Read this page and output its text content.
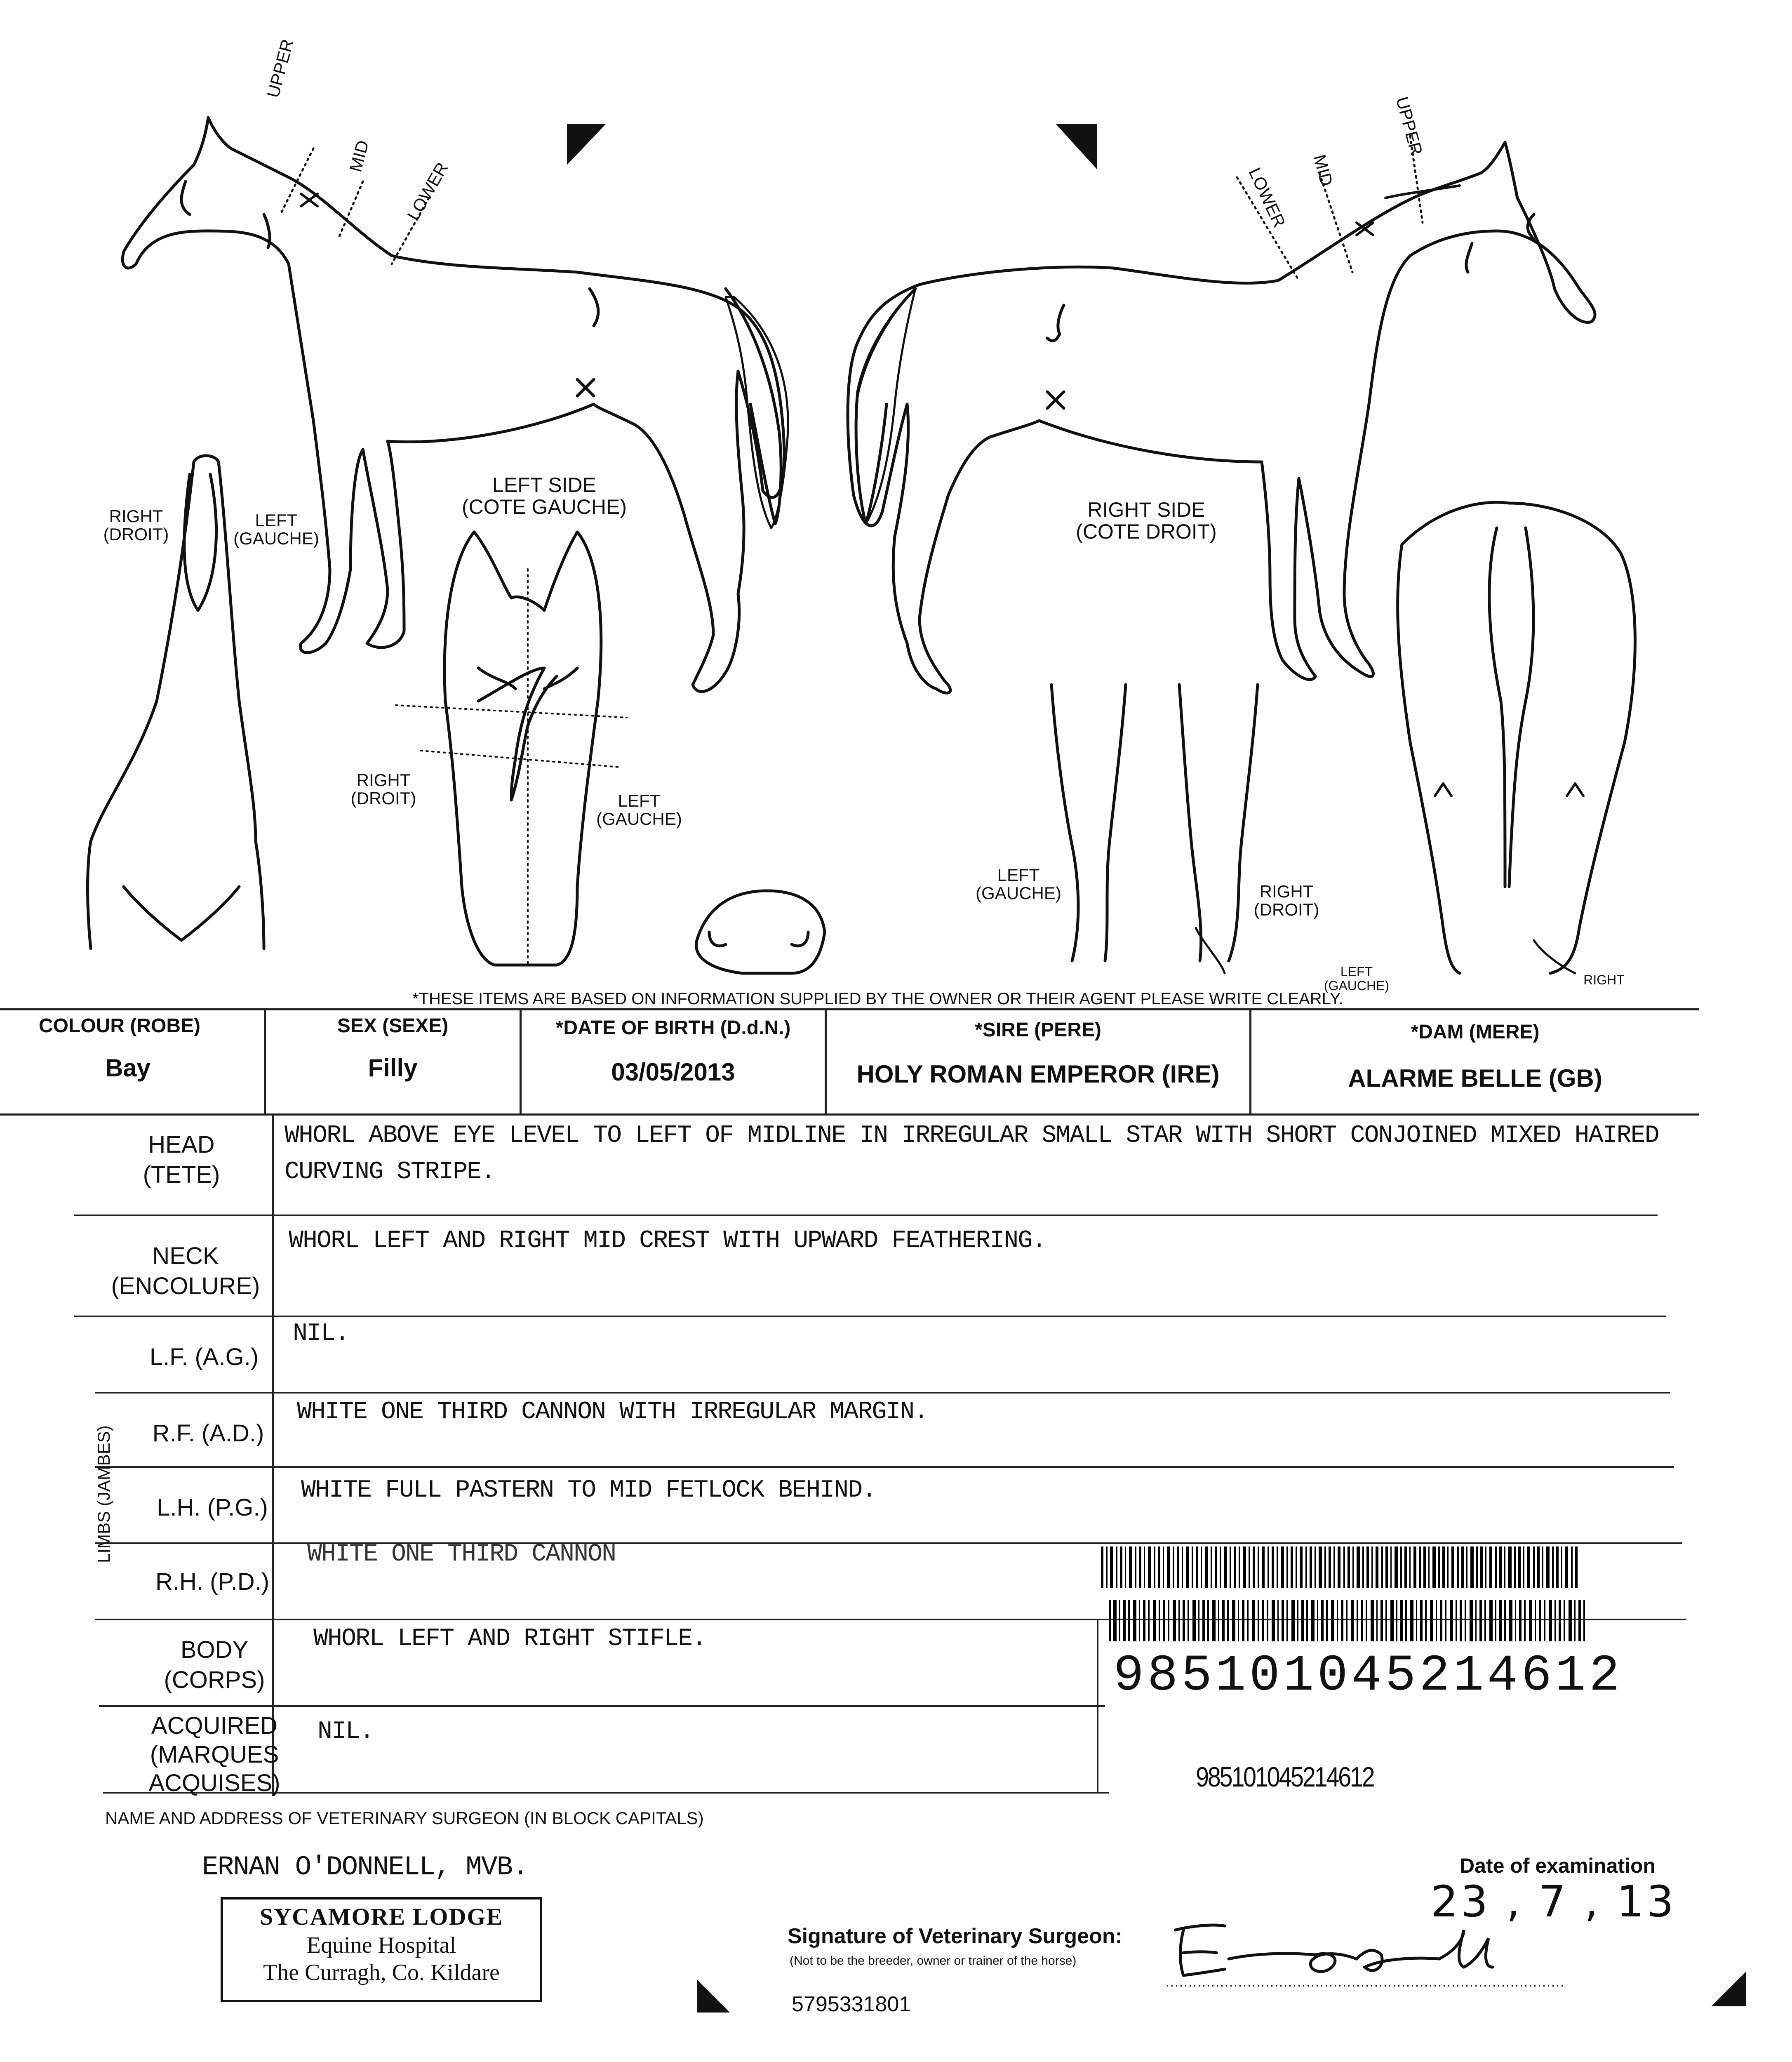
UPPER
MID
LOWER	LOWER MID
UPPER
LEFT SIDE
(COTE GAUCHE)	RIGHT SIDE
(COTE DROIT)
RIGHT
(DROIT)
LEFT
(GAUCHE)
RIGHT
(DROIT)	LEFT
(GAUCHE)
LEFT
(GAUCHE)	RIGHT
(DROIT)
LEFT
(GAUCHE)	RIGHT
*THESE ITEMS ARE BASED ON INFORMATION SUPPLIED BY THE OWNER OR THEIR AGENT PLEASE WRITE CLEARLY.
COLOUR (ROBE)
Bay
SEX (SEXE)
Filly
*DATE OF BIRTH (D.d.N.)
03/05/2013
*SIRE (PERE)
HOLY ROMAN EMPEROR (IRE)
*DAM (MERE)
ALARME BELLE (GB)
HEAD
(TETE)
WHORL ABOVE EYE LEVEL TO LEFT OF MIDLINE IN IRREGULAR SMALL STAR WITH SHORT CONJOINED MIXED HAIRED
CURVING STRIPE.
NECK
(ENCOLURE)
WHORL LEFT AND RIGHT MID CREST WITH UPWARD FEATHERING.
LIMBS (JAMBES)
L.F. (A.G.)
NIL.
R.F. (A.D.)
WHITE ONE THIRD CANNON WITH IRREGULAR MARGIN.
L.H. (P.G.)
WHITE FULL PASTERN TO MID FETLOCK BEHIND.
R.H. (P.D.)
WHITE ONE THIRD CANNON
BODY
(CORPS)
WHORL LEFT AND RIGHT STIFLE.
ACQUIRED
(MARQUES
ACQUISES)
NIL.
985101045214612
985101045214612
NAME AND ADDRESS OF VETERINARY SURGEON (IN BLOCK CAPITALS)
ERNAN O'DONNELL, MVB.
SYCAMORE LODGE
Equine Hospital
The Curragh, Co. Kildare
Signature of Veterinary Surgeon:
(Not to be the breeder, owner or trainer of the horse)
Date of examination
23 , 7 , 13
5795331801
